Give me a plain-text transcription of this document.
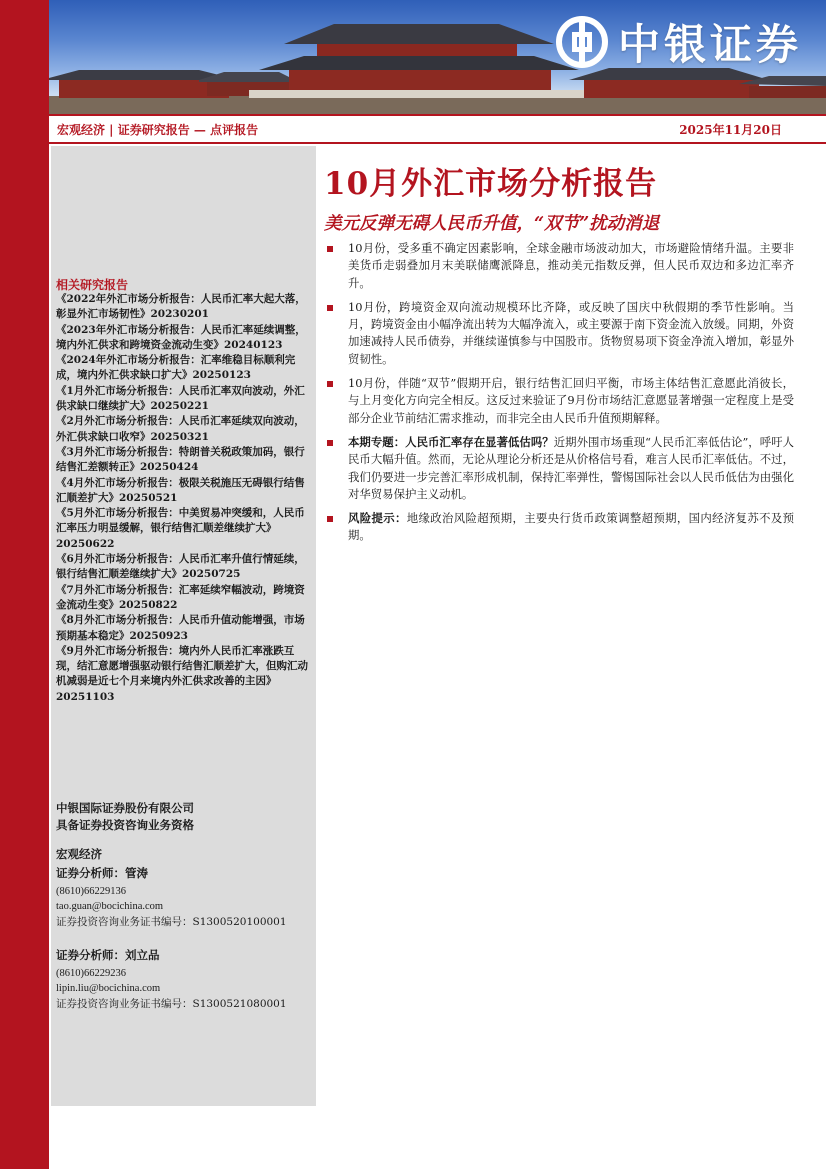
中银证券
宏观经济 | 证券研究报告 — 点评报告	2025年11月20日
相关研究报告
《2022年外汇市场分析报告：人民币汇率大起大落，彰显外汇市场韧性》20230201
《2023年外汇市场分析报告：人民币汇率延续调整，境内外汇供求和跨境资金流动生变》20240123
《2024年外汇市场分析报告：汇率维稳目标顺利完成，境内外汇供求缺口扩大》20250123
《1月外汇市场分析报告：人民币汇率双向波动，外汇供求缺口继续扩大》20250221
《2月外汇市场分析报告：人民币汇率延续双向波动，外汇供求缺口收窄》20250321
《3月外汇市场分析报告：特朗普关税政策加码，银行结售汇差额转正》20250424
《4月外汇市场分析报告：极限关税施压无碍银行结售汇顺差扩大》20250521
《5月外汇市场分析报告：中美贸易冲突缓和，人民币汇率压力明显缓解，银行结售汇顺差继续扩大》20250622
《6月外汇市场分析报告：人民币汇率升值行情延续，银行结售汇顺差继续扩大》20250725
《7月外汇市场分析报告：汇率延续窄幅波动，跨境资金流动生变》20250822
《8月外汇市场分析报告：人民币升值动能增强，市场预期基本稳定》20250923
《9月外汇市场分析报告：境内外人民币汇率涨跌互现，结汇意愿增强驱动银行结售汇顺差扩大，但购汇动机减弱是近七个月来境内外汇供求改善的主因》20251103
中银国际证券股份有限公司
具备证券投资咨询业务资格
宏观经济
证券分析师：管涛
(8610)66229136
tao.guan@bocichina.com
证券投资咨询业务证书编号：S1300520100001
证券分析师：刘立品
(8610)66229236
lipin.liu@bocichina.com
证券投资咨询业务证书编号：S1300521080001
10月外汇市场分析报告
美元反弹无碍人民币升值，“双节”扰动消退
10月份，受多重不确定因素影响，全球金融市场波动加大，市场避险情绪升温。主要非美货币走弱叠加月末美联储鹰派降息，推动美元指数反弹，但人民币双边和多边汇率齐升。
10月份，跨境资金双向流动规模环比齐降，或反映了国庆中秋假期的季节性影响。当月，跨境资金由小幅净流出转为大幅净流入，或主要源于南下资金流入放缓。同期，外资加速减持人民币债券，并继续谨慎参与中国股市。货物贸易项下资金净流入增加，彰显外贸韧性。
10月份，伴随“双节”假期开启，银行结售汇回归平衡，市场主体结售汇意愿此消彼长，与上月变化方向完全相反。这反过来验证了9月份市场结汇意愿显著增强一定程度上是受部分企业节前结汇需求推动，而非完全由人民币升值预期解释。
本期专题：人民币汇率存在显著低估吗？近期外围市场重现“人民币汇率低估论”，呼吁人民币大幅升值。然而，无论从理论分析还是从价格信号看，难言人民币汇率低估。不过，我们仍要进一步完善汇率形成机制，保持汇率弹性，警惕国际社会以人民币低估为由强化对华贸易保护主义动机。
风险提示：地缘政治风险超预期，主要央行货币政策调整超预期，国内经济复苏不及预期。
